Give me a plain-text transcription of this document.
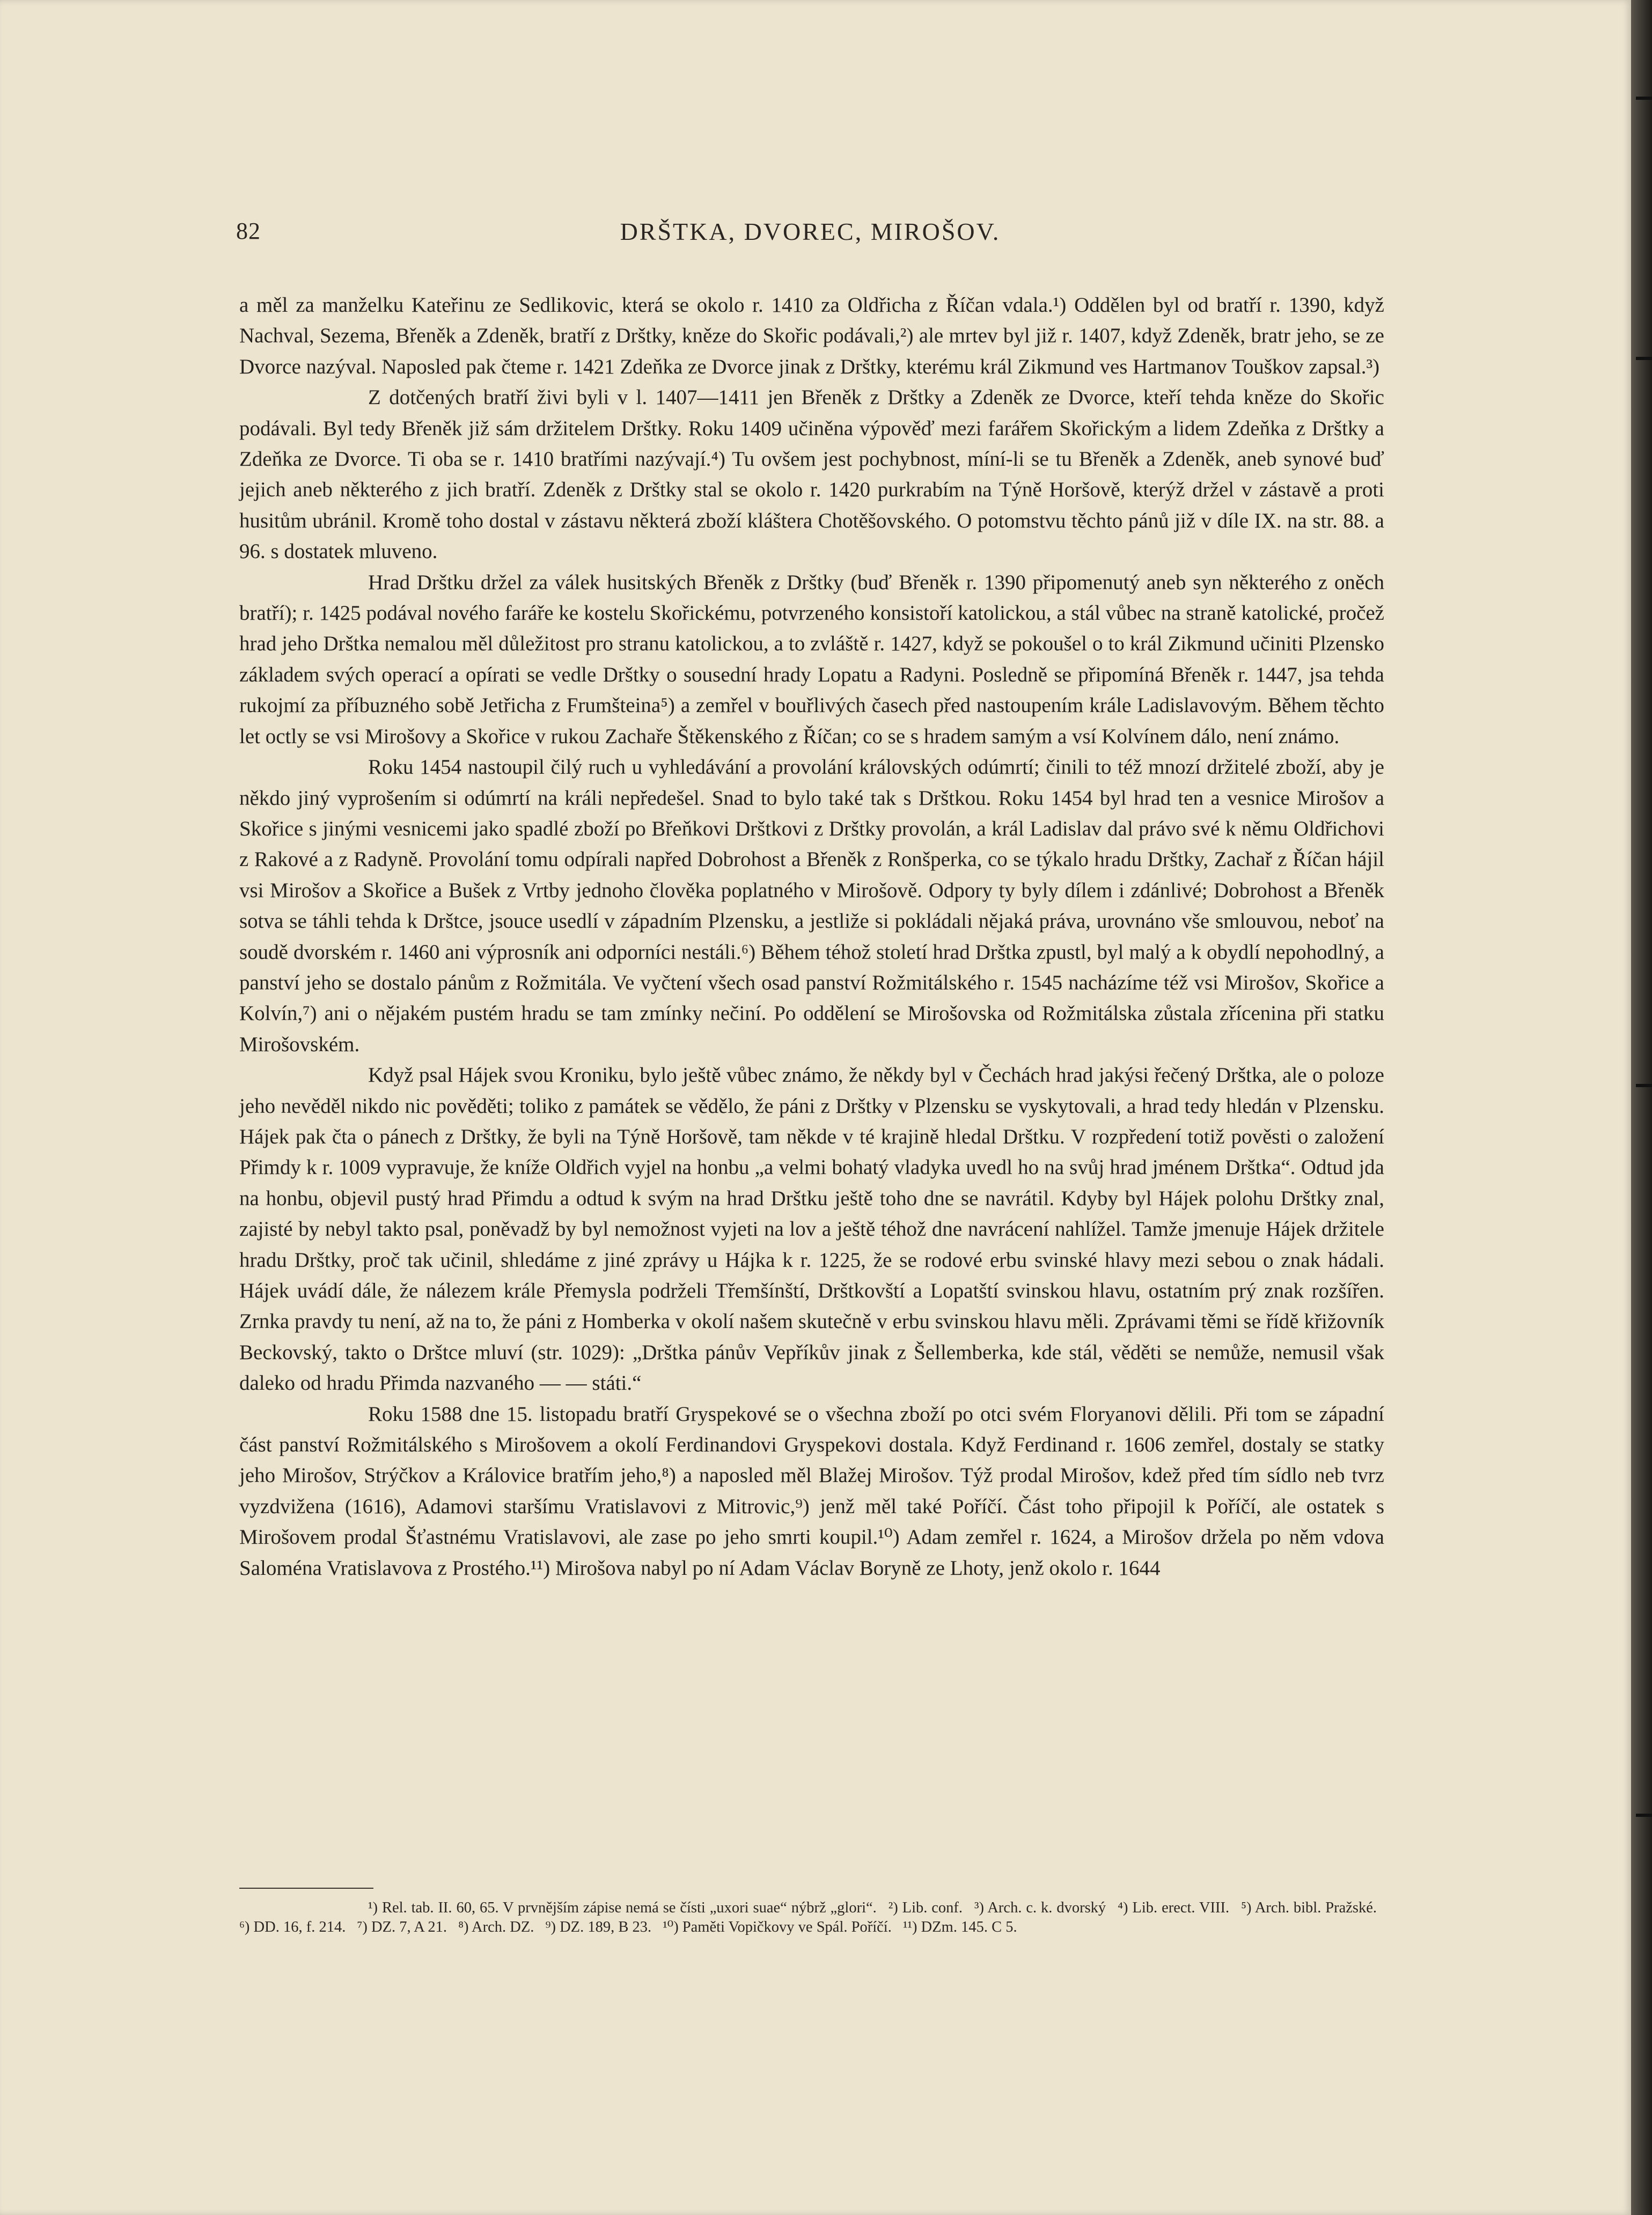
82	DRŠTKA, DVOREC, MIROŠOV.

a měl za manželku Kateřinu ze Sedlikovic, která se okolo r. 1410 za Oldřicha z Říčan vdala.¹) Oddělen byl od bratří r. 1390, když Nachval, Sezema, Břeněk a Zdeněk, bratří z Drštky, kněze do Skořic podávali,²) ale mrtev byl již r. 1407, když Zdeněk, bratr jeho, se ze Dvorce nazýval. Naposled pak čteme r. 1421 Zdeňka ze Dvorce jinak z Drštky, kterému král Zikmund ves Hartmanov Touškov zapsal.³)

Z dotčených bratří živi byli v l. 1407—1411 jen Břeněk z Drštky a Zdeněk ze Dvorce, kteří tehda kněze do Skořic podávali. Byl tedy Břeněk již sám držitelem Drštky. Roku 1409 učiněna výpověď mezi farářem Skořickým a lidem Zdeňka z Drštky a Zdeňka ze Dvorce. Ti oba se r. 1410 bratřími nazývají.⁴) Tu ovšem jest pochybnost, míní-li se tu Břeněk a Zdeněk, aneb synové buď jejich aneb některého z jich bratří. Zdeněk z Drštky stal se okolo r. 1420 purkrabím na Týně Horšově, kterýž držel v zástavě a proti husitům ubránil. Kromě toho dostal v zástavu některá zboží kláštera Chotěšovského. O potomstvu těchto pánů již v díle IX. na str. 88. a 96. s dostatek mluveno.

Hrad Drštku držel za válek husitských Břeněk z Drštky (buď Břeněk r. 1390 připomenutý aneb syn některého z oněch bratří); r. 1425 podával nového faráře ke kostelu Skořickému, potvrzeného konsistoří katolickou, a stál vůbec na straně katolické, pročež hrad jeho Drštka nemalou měl důležitost pro stranu katolickou, a to zvláště r. 1427, když se pokoušel o to král Zikmund učiniti Plzensko základem svých operací a opírati se vedle Drštky o sousední hrady Lopatu a Radyni. Posledně se připomíná Břeněk r. 1447, jsa tehda rukojmí za příbuzného sobě Jetřicha z Frumšteina⁵) a zemřel v bouřlivých časech před nastoupením krále Ladislavovým. Během těchto let octly se vsi Mirošovy a Skořice v rukou Zachaře Štěkenského z Říčan; co se s hradem samým a vsí Kolvínem dálo, není známo.

Roku 1454 nastoupil čilý ruch u vyhledávání a provolání královských odúmrtí; činili to též mnozí držitelé zboží, aby je někdo jiný vyprošením si odúmrtí na králi nepředešel. Snad to bylo také tak s Drštkou. Roku 1454 byl hrad ten a vesnice Mirošov a Skořice s jinými vesnicemi jako spadlé zboží po Břeňkovi Drštkovi z Drštky provolán, a král Ladislav dal právo své k němu Oldřichovi z Rakové a z Radyně. Provolání tomu odpírali napřed Dobrohost a Břeněk z Ronšperka, co se týkalo hradu Drštky, Zachař z Říčan hájil vsi Mirošov a Skořice a Bušek z Vrtby jednoho člověka poplatného v Mirošově. Odpory ty byly dílem i zdánlivé; Dobrohost a Břeněk sotva se táhli tehda k Drštce, jsouce usedlí v západním Plzensku, a jestliže si pokládali nějaká práva, urovnáno vše smlouvou, neboť na soudě dvorském r. 1460 ani výprosník ani odporníci nestáli.⁶) Během téhož století hrad Drštka zpustl, byl malý a k obydlí nepohodlný, a panství jeho se dostalo pánům z Rožmitála. Ve vyčtení všech osad panství Rožmitálského r. 1545 nacházíme též vsi Mirošov, Skořice a Kolvín,⁷) ani o nějakém pustém hradu se tam zmínky nečiní. Po oddělení se Mirošovska od Rožmitálska zůstala zřícenina při statku Mirošovském.

Když psal Hájek svou Kroniku, bylo ještě vůbec známo, že někdy byl v Čechách hrad jakýsi řečený Drštka, ale o poloze jeho nevěděl nikdo nic pověděti; toliko z památek se vědělo, že páni z Drštky v Plzensku se vyskytovali, a hrad tedy hledán v Plzensku. Hájek pak čta o pánech z Drštky, že byli na Týně Horšově, tam někde v té krajině hledal Drštku. V rozpředení totiž pověsti o založení Přimdy k r. 1009 vypravuje, že kníže Oldřich vyjel na honbu „a velmi bohatý vladyka uvedl ho na svůj hrad jménem Drštka“. Odtud jda na honbu, objevil pustý hrad Přimdu a odtud k svým na hrad Drštku ještě toho dne se navrátil. Kdyby byl Hájek polohu Drštky znal, zajisté by nebyl takto psal, poněvadž by byl nemožnost vyjeti na lov a ještě téhož dne navrácení nahlížel. Tamže jmenuje Hájek držitele hradu Drštky, proč tak učinil, shledáme z jiné zprávy u Hájka k r. 1225, že se rodové erbu svinské hlavy mezi sebou o znak hádali. Hájek uvádí dále, že nálezem krále Přemysla podrželi Třemšínští, Drštkovští a Lopatští svinskou hlavu, ostatním prý znak rozšířen. Zrnka pravdy tu není, až na to, že páni z Homberka v okolí našem skutečně v erbu svinskou hlavu měli. Zprávami těmi se řídě křižovník Beckovský, takto o Drštce mluví (str. 1029): „Drštka pánův Vepříkův jinak z Šellemberka, kde stál, věděti se nemůže, nemusil však daleko od hradu Přimda nazvaného — — státi.“

Roku 1588 dne 15. listopadu bratří Gryspekové se o všechna zboží po otci svém Floryanovi dělili. Při tom se západní část panství Rožmitálského s Mirošovem a okolí Ferdinandovi Gryspekovi dostala. Když Ferdinand r. 1606 zemřel, dostaly se statky jeho Mirošov, Strýčkov a Královice bratřím jeho,⁸) a naposled měl Blažej Mirošov. Týž prodal Mirošov, kdež před tím sídlo neb tvrz vyzdvižena (1616), Adamovi staršímu Vratislavovi z Mitrovic,⁹) jenž měl také Poříčí. Část toho připojil k Poříčí, ale ostatek s Mirošovem prodal Šťastnému Vratislavovi, ale zase po jeho smrti koupil.¹⁰) Adam zemřel r. 1624, a Mirošov držela po něm vdova Saloména Vratislavova z Prostého.¹¹) Mirošova nabyl po ní Adam Václav Boryně ze Lhoty, jenž okolo r. 1644

¹) Rel. tab. II. 60, 65. V prvnějším zápise nemá se čísti „uxori suae“ nýbrž „glori“. ²) Lib. conf. ³) Arch. c. k. dvorský ⁴) Lib. erect. VIII. ⁵) Arch. bibl. Pražské. ⁶) DD. 16, f. 214. ⁷) DZ. 7, A 21. ⁸) Arch. DZ. ⁹) DZ. 189, B 23. ¹⁰) Paměti Vopičkovy ve Spál. Poříčí. ¹¹) DZm. 145. C 5.
